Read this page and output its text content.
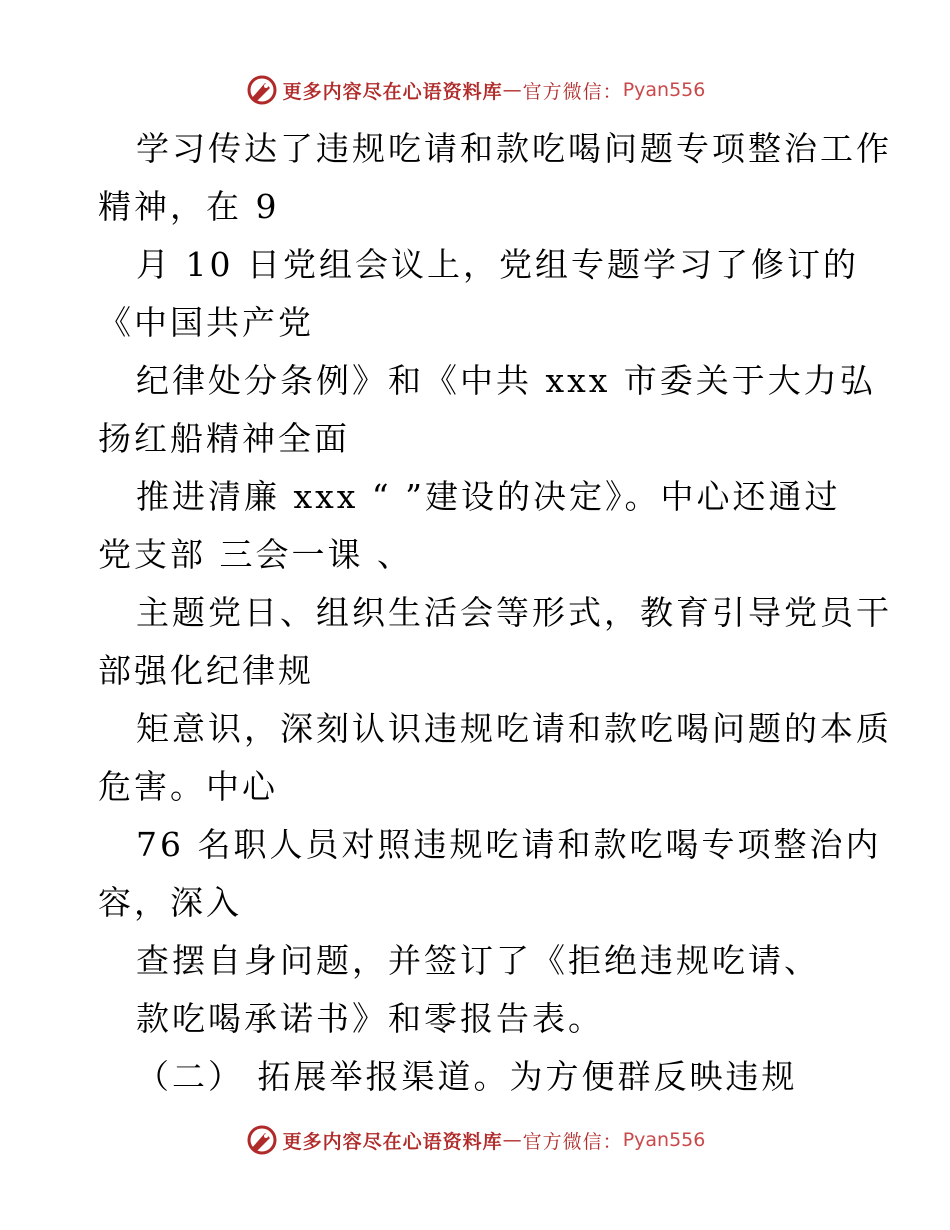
更多内容尽在心语资料库 — 官方微信： Pyan556
学习传达了违规吃请和款吃喝问题专项整治工作
精神，在 9
月 10 日党组会议上，党组专题学习了修订的
《中国共产党
纪律处分条例》和《中共 xxx 市委关于大力弘
扬红船精神全面
推进清廉 xxx “ ”建设的决定》。中心还通过
党支部 三会一课 、
主题党日、组织生活会等形式，教育引导党员干
部强化纪律规
矩意识，深刻认识违规吃请和款吃喝问题的本质
危害。中心
76 名职人员对照违规吃请和款吃喝专项整治内
容，深入
查摆自身问题，并签订了《拒绝违规吃请、
款吃喝承诺书》和零报告表。
（二） 拓展举报渠道。为方便群反映违规
更多内容尽在心语资料库 — 官方微信： Pyan556
